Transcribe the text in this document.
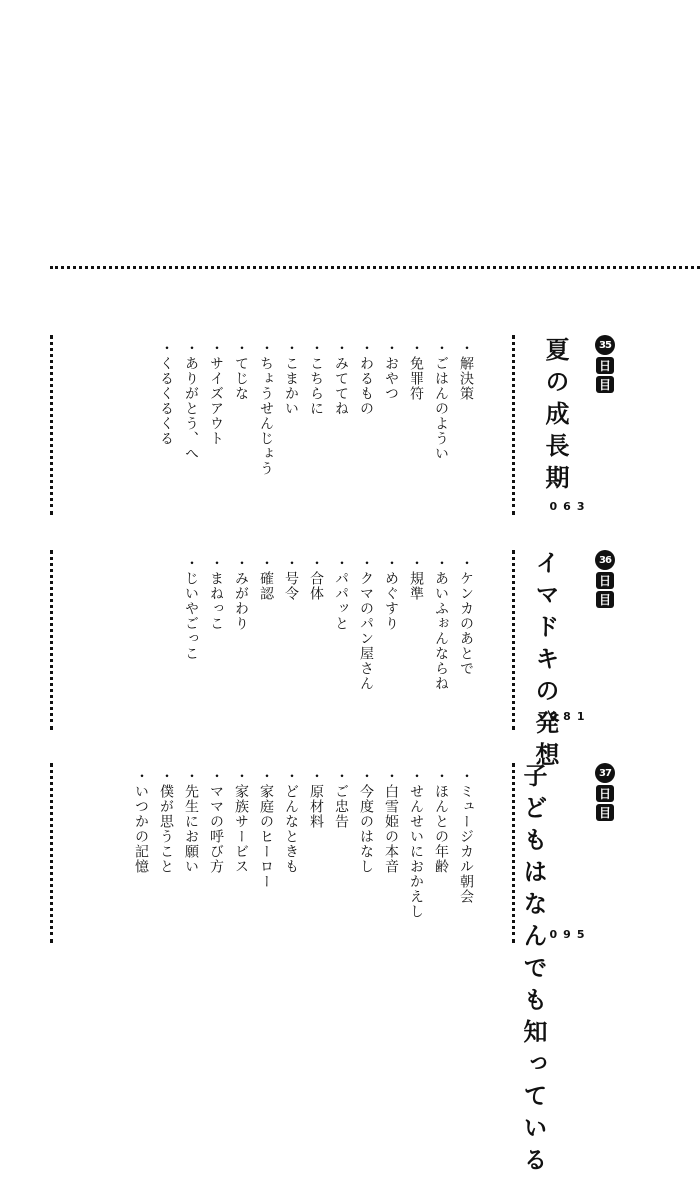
35
日
目
夏の成長期
063
・ 解決策
・ ごはんのようい
・ 免罪符
・ おやつ
・ わるもの
・ みててね
・ こちらに
・ こまかい
・ ちょうせんじょう
・ てじな
・ サイズアウト
・ ありがとう、へ
・ くるくるくる
36
日
目
イマドキの発想
081
・ ケンカのあとで
・ あいふぉんならね
・ 規準
・ めぐすり
・ クマのパン屋さん
・ パパッと
・ 合体
・ 号令
・ 確認
・ みがわり
・ まねっこ
・ じいやごっこ
37
日
目
子どもはなんでも知っている 095
・ ミュージカル朝会
・ ほんとの年齢
・ せんせいにおかえし
・ 白雪姫の本音
・ 今度のはなし
・ ご忠告
・ 原材料
・ どんなときも
・ 家庭のヒーロー
・ 家族サービス
・ ママの呼び方
・ 先生にお願い
・ 僕が思うこと
・ いつかの記憶
